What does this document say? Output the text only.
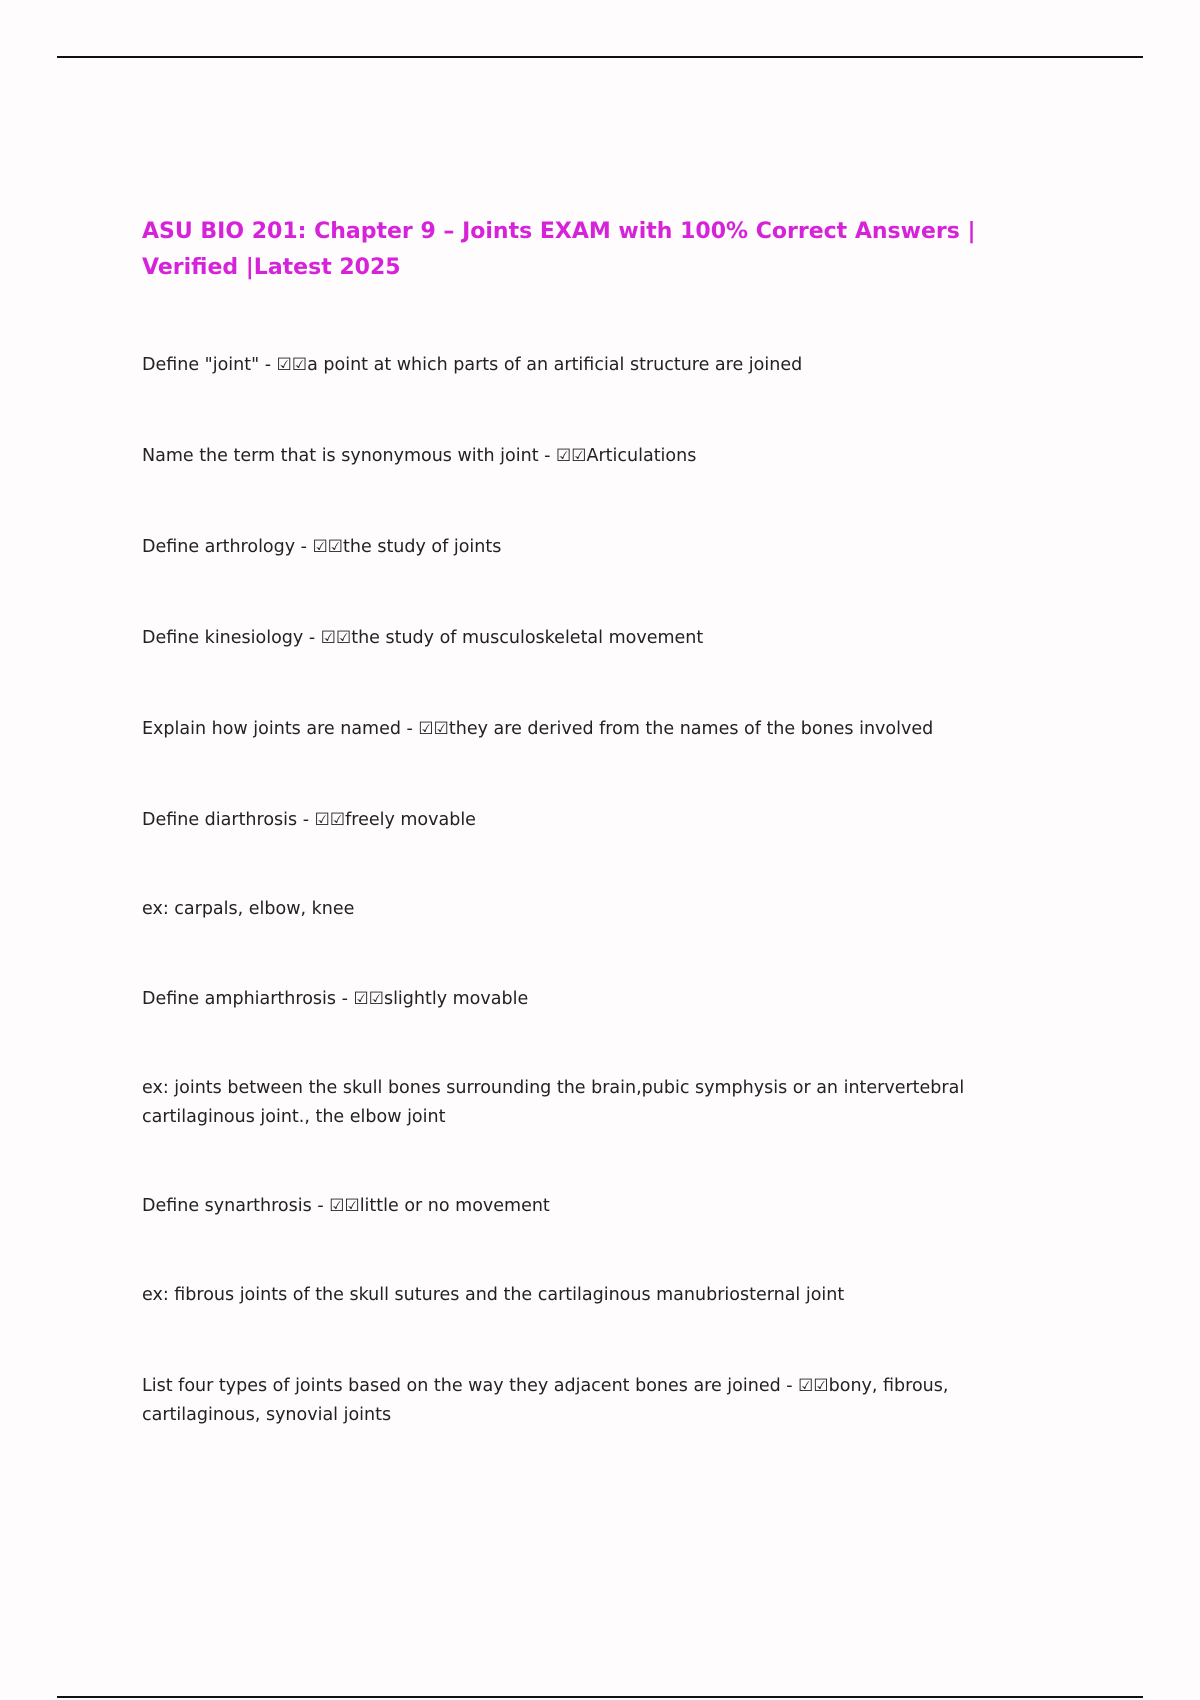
ASU BIO 201: Chapter 9 – Joints EXAM with 100% Correct Answers | Verified |Latest 2025

Define "joint" - ☑☑a point at which parts of an artificial structure are joined

Name the term that is synonymous with joint - ☑☑Articulations

Define arthrology - ☑☑the study of joints

Define kinesiology - ☑☑the study of musculoskeletal movement

Explain how joints are named - ☑☑they are derived from the names of the bones involved

Define diarthrosis - ☑☑freely movable

ex: carpals, elbow, knee

Define amphiarthrosis - ☑☑slightly movable

ex: joints between the skull bones surrounding the brain,pubic symphysis or an intervertebral cartilaginous joint., the elbow joint

Define synarthrosis - ☑☑little or no movement

ex: fibrous joints of the skull sutures and the cartilaginous manubriosternal joint

List four types of joints based on the way they adjacent bones are joined - ☑☑bony, fibrous, cartilaginous, synovial joints
